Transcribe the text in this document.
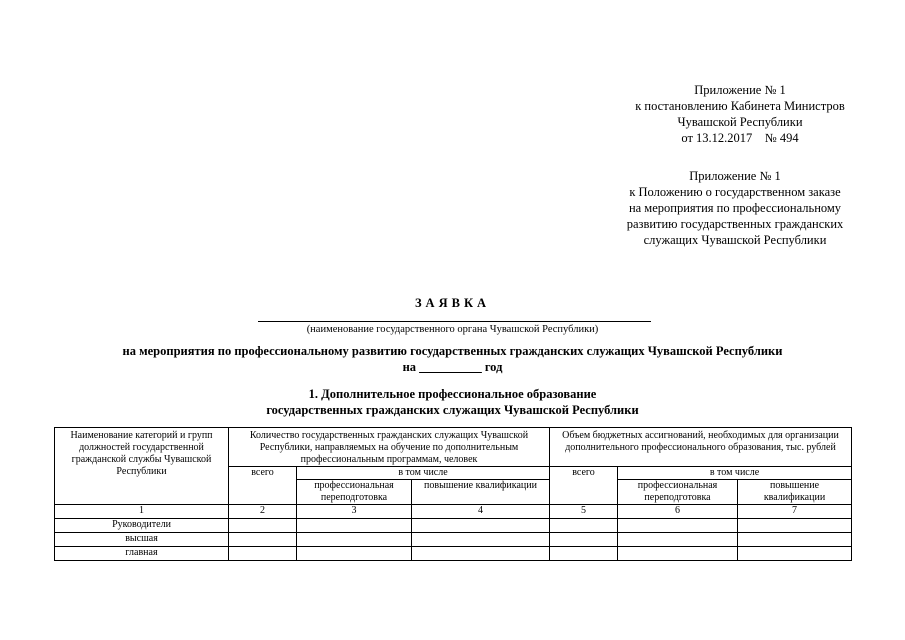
Приложение № 1
к постановлению Кабинета Министров
Чувашской Республики
от 13.12.2017    № 494
Приложение № 1
к Положению о государственном заказе
на мероприятия по профессиональному
развитию государственных гражданских
служащих Чувашской Республики
ЗАЯВКА
(наименование государственного органа Чувашской Республики)
на мероприятия по профессиональному развитию государственных гражданских служащих Чувашской Республики
на __________ год
1. Дополнительное профессиональное образование
государственных гражданских служащих Чувашской Республики
Наименование категорий и групп должностей государственной гражданской службы Чувашской Республики	Количество государственных гражданских служащих Чувашской Республики, направляемых на обучение по дополнительным профессиональным программам, человек			Объем бюджетных ассигнований, необходимых для организации дополнительного профессионального образования, тыс. рублей		
	всего	в том числе		всего	в том числе	
		профессиональная переподготовка	повышение квалификации		профессиональная переподготовка	повышение квалификации
1	2	3	4	5	6	7
Руководители						
высшая						
главная						
